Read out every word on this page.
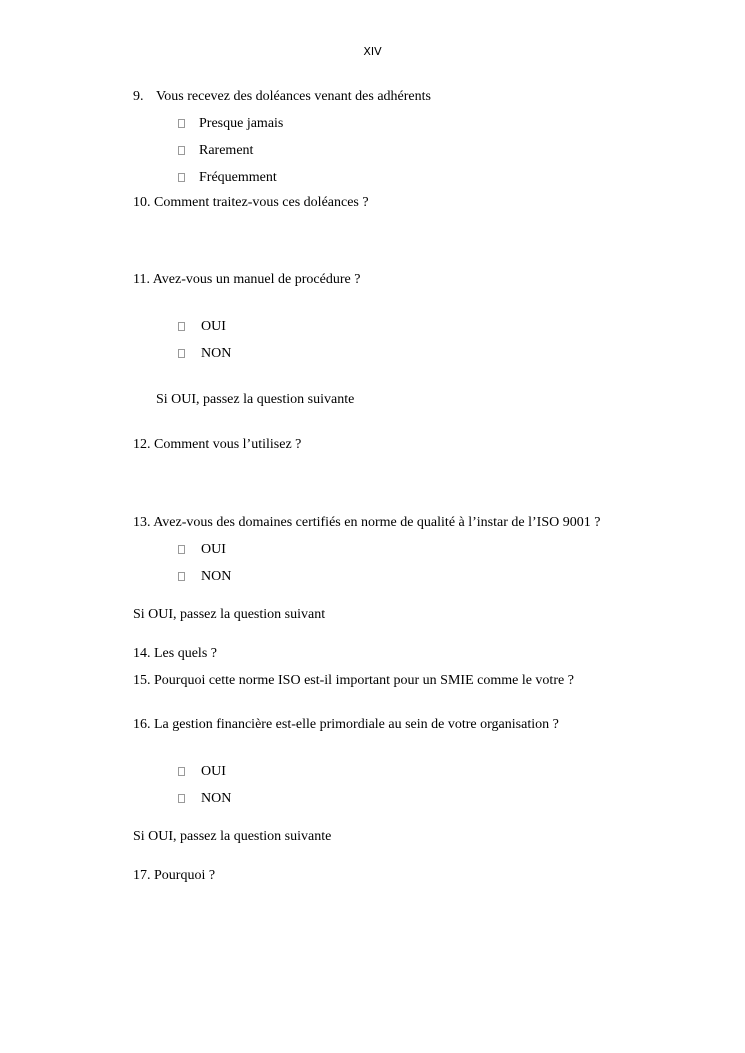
XIV
9. Vous recevez des doléances venant des adhérents
Presque jamais
Rarement
Fréquemment
10. Comment traitez-vous ces doléances ?
11. Avez-vous un manuel de procédure ?
OUI
NON
Si OUI, passez la question suivante
12. Comment vous l’utilisez ?
13. Avez-vous des domaines certifiés en norme de qualité à l’instar de l’ISO 9001 ?
OUI
NON
Si OUI, passez la question suivant
14. Les quels ?
15. Pourquoi cette norme ISO est-il important pour un SMIE comme le votre ?
16. La gestion financière est-elle primordiale au sein de votre organisation ?
OUI
NON
Si OUI, passez la question suivante
17. Pourquoi ?
